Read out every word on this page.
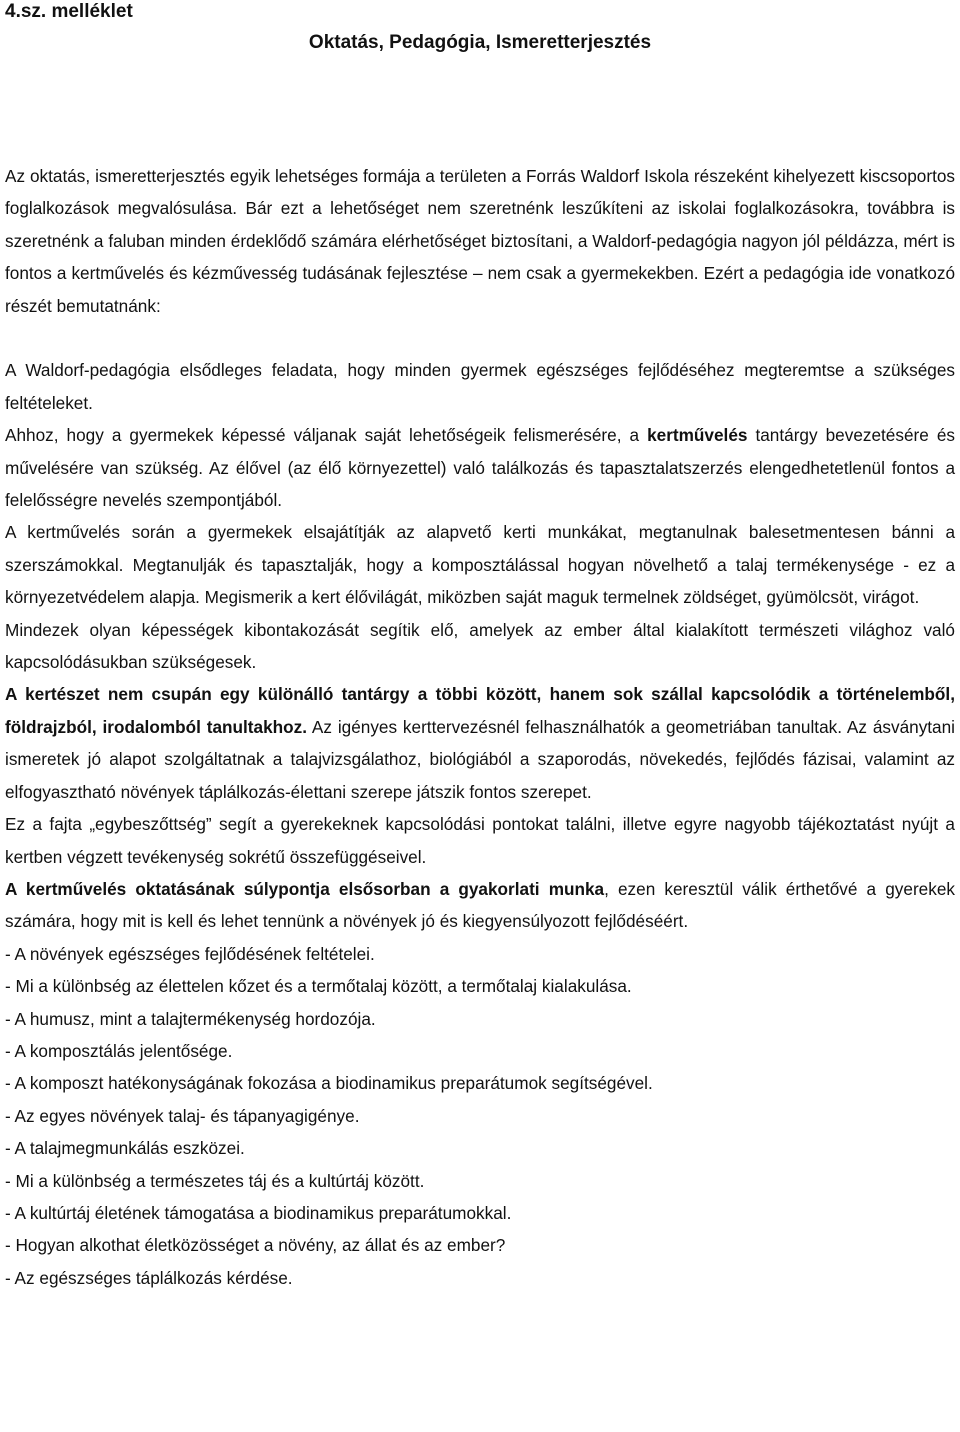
4.sz. melléklet
Oktatás, Pedagógia, Ismeretterjesztés

Az oktatás, ismeretterjesztés egyik lehetséges formája a területen a Forrás Waldorf Iskola részeként kihelyezett kiscsoportos foglalkozások megvalósulása. Bár ezt a lehetőséget nem szeretnénk leszűkíteni az iskolai foglalkozásokra, továbbra is szeretnénk a faluban minden érdeklődő számára elérhetőséget biztosítani, a Waldorf-pedagógia nagyon jól példázza, mért is fontos a kertművelés és kézművesség tudásának fejlesztése – nem csak a gyermekekben. Ezért a pedagógia ide vonatkozó részét bemutatnánk:

A Waldorf-pedagógia elsődleges feladata, hogy minden gyermek egészséges fejlődéséhez megteremtse a szükséges feltételeket.

Ahhoz, hogy a gyermekek képessé váljanak saját lehetőségeik felismerésére, a kertművelés tantárgy bevezetésére és művelésére van szükség. Az élővel (az élő környezettel) való találkozás és tapasztalatszerzés elengedhetetlenül fontos a felelősségre nevelés szempontjából.

A kertművelés során a gyermekek elsajátítják az alapvető kerti munkákat, megtanulnak balesetmentesen bánni a szerszámokkal. Megtanulják és tapasztalják, hogy a komposztálással hogyan növelhető a talaj termékenysége - ez a környezetvédelem alapja. Megismerik a kert élővilágát, miközben saját maguk termelnek zöldséget, gyümölcsöt, virágot.

Mindezek olyan képességek kibontakozását segítik elő, amelyek az ember által kialakított természeti világhoz való kapcsolódásukban szükségesek.

A kertészet nem csupán egy különálló tantárgy a többi között, hanem sok szállal kapcsolódik a történelemből, földrajzból, irodalomból tanultakhoz. Az igényes kerttervezésnél felhasználhatók a geometriában tanultak. Az ásványtani ismeretek jó alapot szolgáltatnak a talajvizsgálathoz, biológiából a szaporodás, növekedés, fejlődés fázisai, valamint az elfogyasztható növények táplálkozás-élettani szerepe játszik fontos szerepet.

Ez a fajta „egybeszőttség” segít a gyerekeknek kapcsolódási pontokat találni, illetve egyre nagyobb tájékoztatást nyújt a kertben végzett tevékenység sokrétű összefüggéseivel.

A kertművelés oktatásának súlypontja elsősorban a gyakorlati munka, ezen keresztül válik érthetővé a gyerekek számára, hogy mit is kell és lehet tennünk a növények jó és kiegyensúlyozott fejlődéséért.

- A növények egészséges fejlődésének feltételei.

- Mi a különbség az élettelen kőzet és a termőtalaj között, a termőtalaj kialakulása.

- A humusz, mint a talajtermékenység hordozója.

- A komposztálás jelentősége.

- A komposzt hatékonyságának fokozása a biodinamikus preparátumok segítségével.

- Az egyes növények talaj- és tápanyagigénye.

- A talajmegmunkálás eszközei.

- Mi a különbség a természetes táj és a kultúrtáj között.

- A kultúrtáj életének támogatása a biodinamikus preparátumokkal.

- Hogyan alkothat életközösséget a növény, az állat és az ember?

- Az egészséges táplálkozás kérdése.
